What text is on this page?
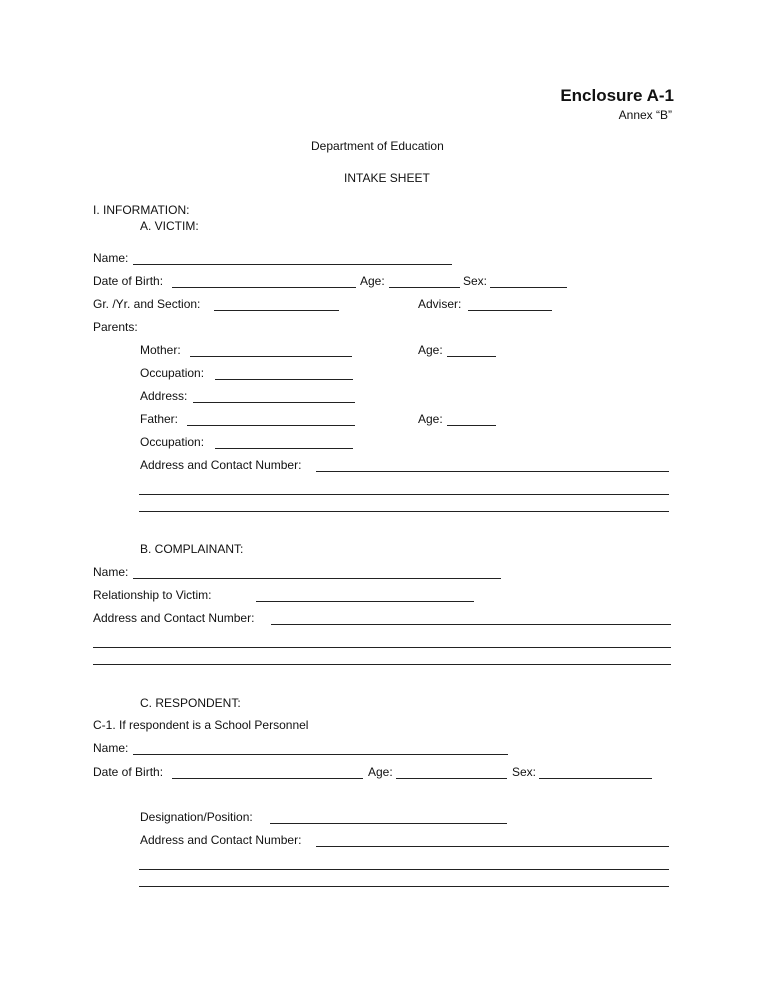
Enclosure A-1
Annex “B”
Department of Education
INTAKE SHEET
I. INFORMATION:
A. VICTIM:
Name:
Date of Birth:	Age:	Sex:
Gr. /Yr. and Section:	Adviser:
Parents:
Mother:	Age:
Occupation:
Address:
Father:	Age:
Occupation:
Address and Contact Number:
B. COMPLAINANT:
Name:
Relationship to Victim:
Address and Contact Number:
C. RESPONDENT:
C-1. If respondent is a School Personnel
Name:
Date of Birth:	Age:	Sex:
Designation/Position:
Address and Contact Number:
